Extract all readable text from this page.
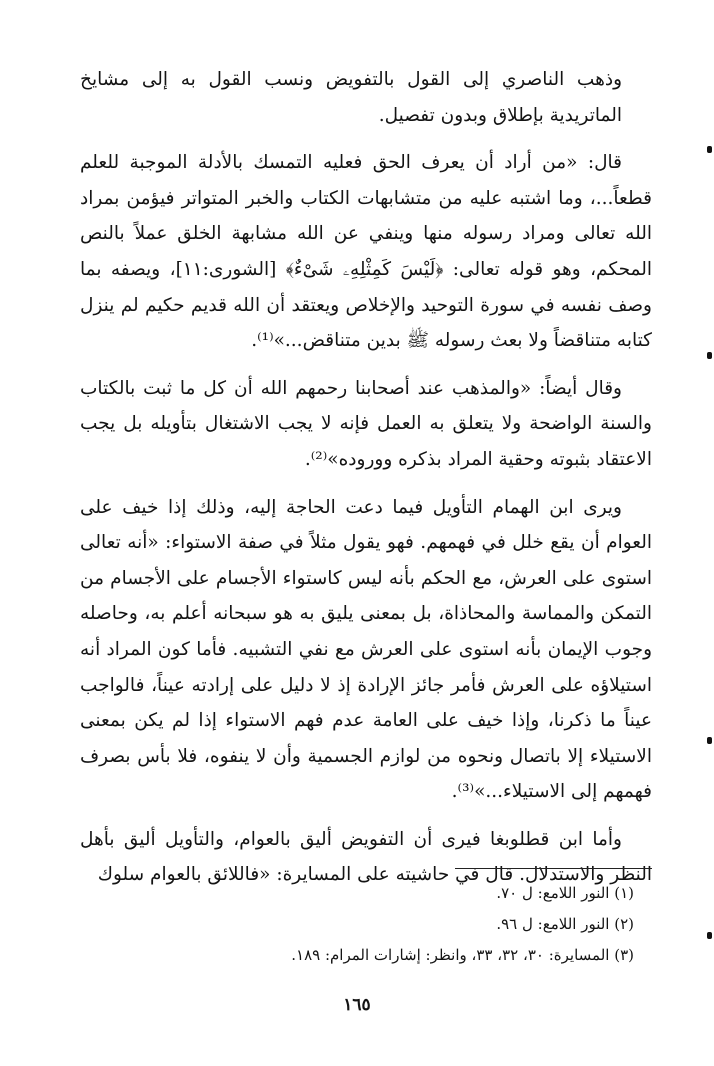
وذهب الناصري إلى القول بالتفويض ونسب القول به إلى مشايخ الماتريدية بإطلاق وبدون تفصيل.

قال: «من أراد أن يعرف الحق فعليه التمسك بالأدلة الموجبة للعلم قطعاً...، وما اشتبه عليه من متشابهات الكتاب والخبر المتواتر فيؤمن بمراد الله تعالى ومراد رسوله منها وينفي عن الله مشابهة الخلق عملاً بالنص المحكم، وهو قوله تعالى: ﴿لَيْسَ كَمِثْلِهِۦ شَىْءٌ﴾ [الشورى:١١]، ويصفه بما وصف نفسه في سورة التوحيد والإخلاص ويعتقد أن الله قديم حكيم لم ينزل كتابه متناقضاً ولا بعث رسوله ﷺ بدين متناقض...»⁽¹⁾.

وقال أيضاً: «والمذهب عند أصحابنا رحمهم الله أن كل ما ثبت بالكتاب والسنة الواضحة ولا يتعلق به العمل فإنه لا يجب الاشتغال بتأويله بل يجب الاعتقاد بثبوته وحقية المراد بذكره ووروده»⁽²⁾.

ويرى ابن الهمام التأويل فيما دعت الحاجة إليه، وذلك إذا خيف على العوام أن يقع خلل في فهمهم. فهو يقول مثلاً في صفة الاستواء: «أنه تعالى استوى على العرش، مع الحكم بأنه ليس كاستواء الأجسام على الأجسام من التمكن والمماسة والمحاذاة، بل بمعنى يليق به هو سبحانه أعلم به، وحاصله وجوب الإيمان بأنه استوى على العرش مع نفي التشبيه. فأما كون المراد أنه استيلاؤه على العرش فأمر جائز الإرادة إذ لا دليل على إرادته عيناً، فالواجب عيناً ما ذكرنا، وإذا خيف على العامة عدم فهم الاستواء إذا لم يكن بمعنى الاستيلاء إلا باتصال ونحوه من لوازم الجسمية وأن لا ينفوه، فلا بأس بصرف فهمهم إلى الاستيلاء...»⁽³⁾.

وأما ابن قطلوبغا فيرى أن التفويض أليق بالعوام، والتأويل أليق بأهل النظر والاستدلال. قال في حاشيته على المسايرة: «فاللائق بالعوام سلوك

(١) النور اللامع: ل ٧٠.

(٢) النور اللامع: ل ٩٦.

(٣) المسايرة: ٣٠، ٣٢، ٣٣، وانظر: إشارات المرام: ١٨٩.

١٦٥
